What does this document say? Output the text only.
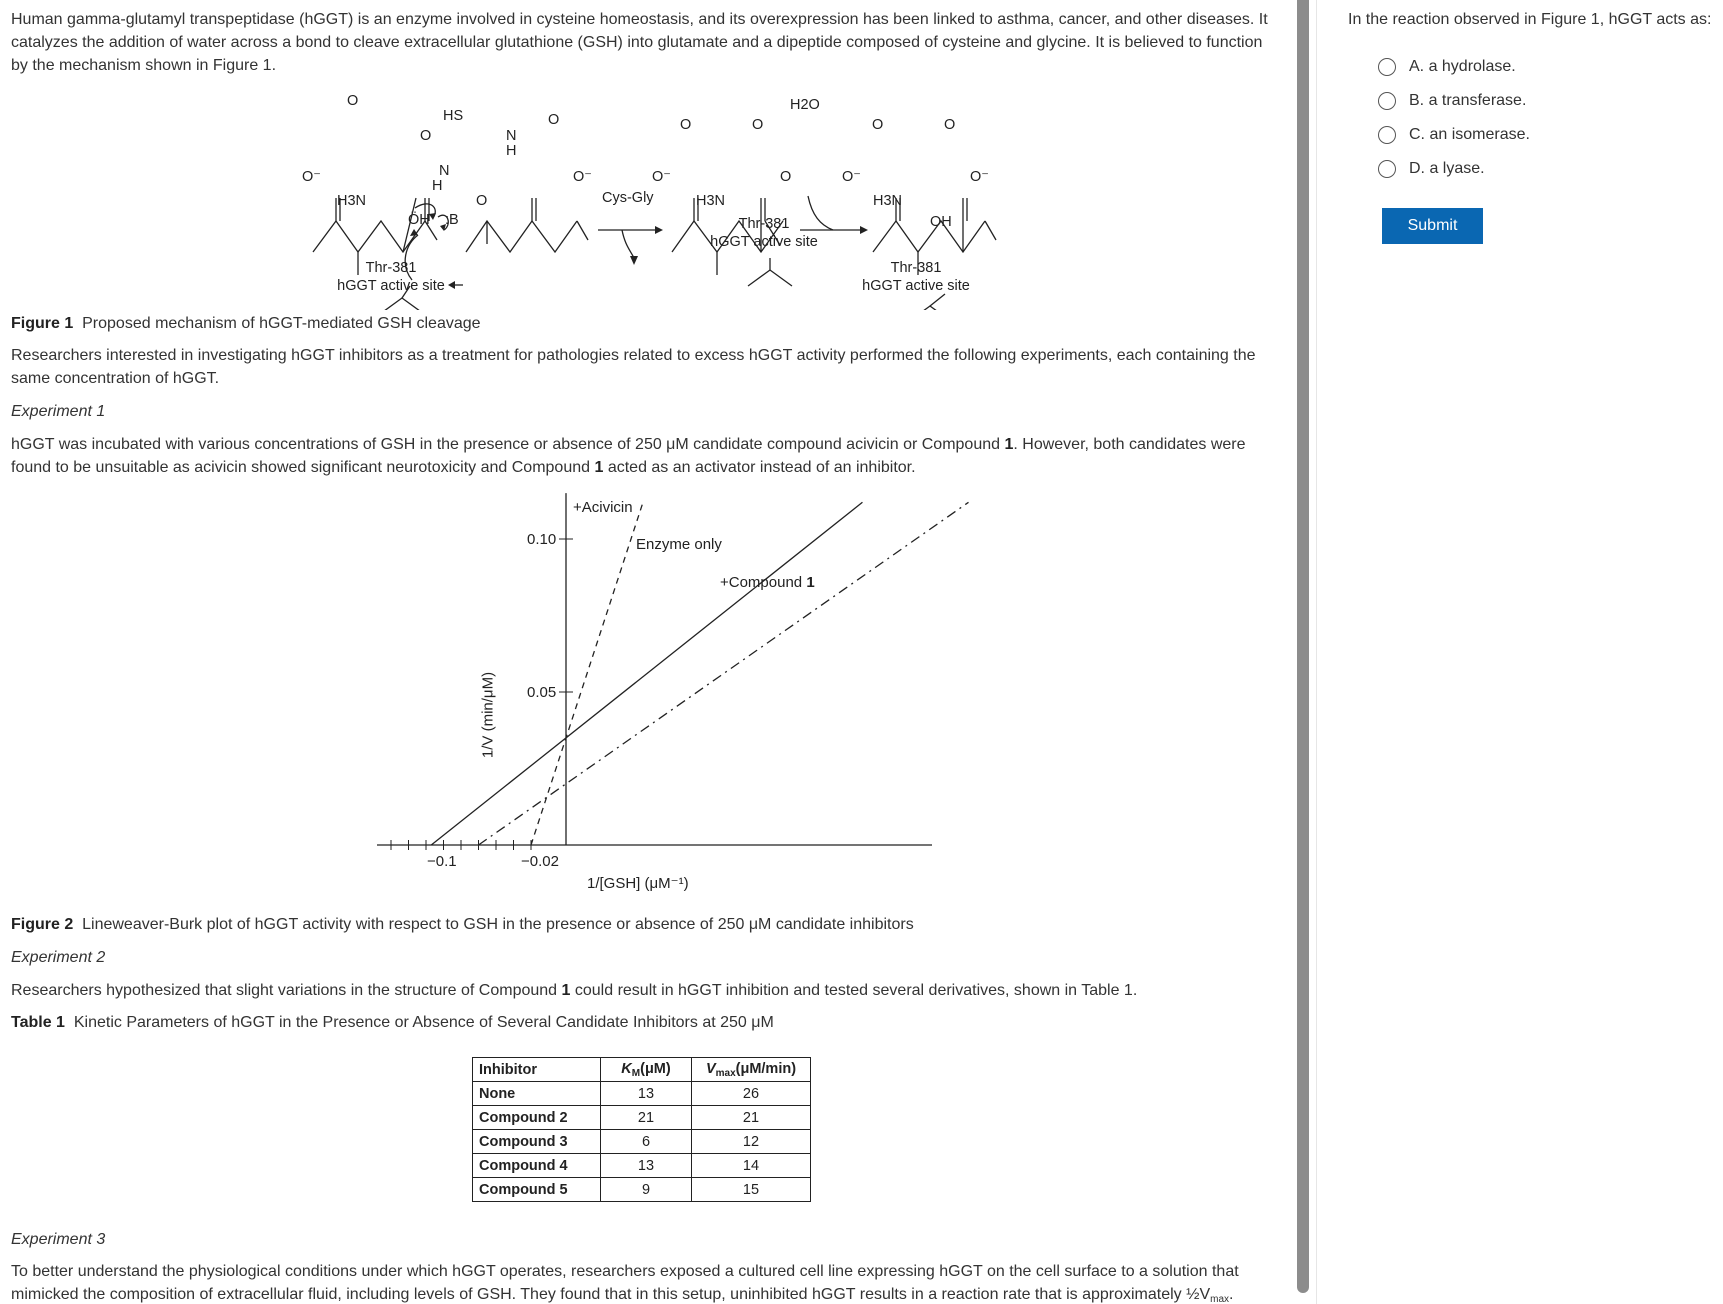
Human gamma-glutamyl transpeptidase (hGGT) is an enzyme involved in cysteine homeostasis, and its overexpression has been linked to asthma, cancer, and other diseases. It catalyzes the addition of water across a bond to cleave extracellular glutathione (GSH) into glutamate and a dipeptide composed of cysteine and glycine. It is believed to function by the mechanism shown in Figure 1.

O
HS
O
O⁻
H3N
N
H
O
N
H
O
O⁻
ÖH :B
Thr-381
hGGT active site
Cys-Gly
O⁻
O
H3N
O
O
H2O
Thr-381
hGGT active site
O⁻
O
H3N
O
O⁻
OH
Thr-381
hGGT active site

Figure 1 Proposed mechanism of hGGT-mediated GSH cleavage

Researchers interested in investigating hGGT inhibitors as a treatment for pathologies related to excess hGGT activity performed the following experiments, each containing the same concentration of hGGT.

Experiment 1

hGGT was incubated with various concentrations of GSH in the presence or absence of 250 μM candidate compound acivicin or Compound 1. However, both candidates were found to be unsuitable as acivicin showed significant neurotoxicity and Compound 1 acted as an activator instead of an inhibitor.

+Acivicin
Enzyme only
+Compound 1
0.10
0.05
−0.1	−0.02
1/[GSH] (μM⁻¹)
1/V (min/μM)

Figure 2 Lineweaver-Burk plot of hGGT activity with respect to GSH in the presence or absence of 250 μM candidate inhibitors

Experiment 2

Researchers hypothesized that slight variations in the structure of Compound 1 could result in hGGT inhibition and tested several derivatives, shown in Table 1.

Table 1 Kinetic Parameters of hGGT in the Presence or Absence of Several Candidate Inhibitors at 250 μM

Inhibitor	$K_M(\mu M)$	$V_{max}(\mu M/\min)$
None	13	26
Compound 2	21	21
Compound 3	6	12
Compound 4	13	14
Compound 5	9	15

Experiment 3

To better understand the physiological conditions under which hGGT operates, researchers exposed a cultured cell line expressing hGGT on the cell surface to a solution that mimicked the composition of extracellular fluid, including levels of GSH. They found that in this setup, uninhibited hGGT results in a reaction rate that is approximately $\frac{1}{2}V_{max}$.

In the reaction observed in Figure 1, hGGT acts as:
A. a hydrolase.
B. a transferase.
C. an isomerase.
D. a lyase.
Submit
